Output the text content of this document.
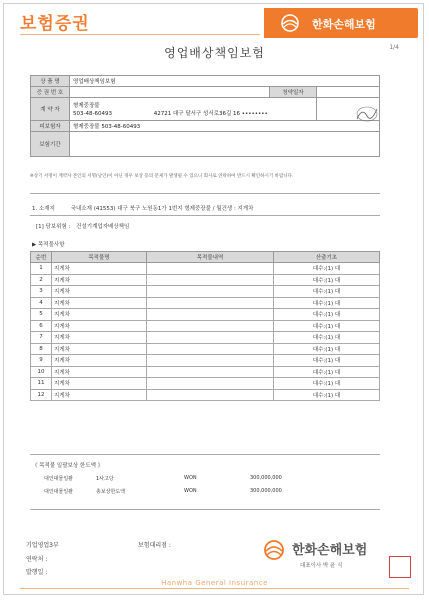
보험증권	한화손해보험
영업배상책임보험	1/4
상 품 명	영업배상책임보험		
증 권 번 호		청약일자	
계 약 자	형제중장불
503-48-60493 42721 대구 달서구 성서로36길 16 ••••••••		

피보험자	형제중장불 503-48-60493		
보험기간			
※상기 서명이 계약자 본인의 서명(날인)이 아닌 경우 보상 등의 문제가 발생될 수 있으니 회사로 연락하여 반드시 확인하시기 바랍니다.
1. 소재지	국내소재 (41553) 대구 북구 노원동1가 1번지 형제중장불 / 월건생 : 지게차
[1] 담보위험 : 건설기계업자배상책임
▶ 목적물사항
순번	목적물명	목적물내역	산출기초
1	지게차		대수:(1) 대
2	지게차		대수:(1) 대
3	지게차		대수:(1) 대
4	지게차		대수:(1) 대
5	지게차		대수:(1) 대
6	지게차		대수:(1) 대
7	지게차		대수:(1) 대
8	지게차		대수:(1) 대
9	지게차		대수:(1) 대
10	지게차		대수:(1) 대
11	지게차		대수:(1) 대
12	지게차		대수:(1) 대
《 목적물 일괄보상 한도액 》
대인대물일괄	1사고당	WON	300,000,000
대인대물일괄	총보상한도액	WON	300,000,000
기업영업3부	보험대리점 :
연락처 :
발행일 :
한화손해보험
대표이사 박 윤 식
Hanwha General Insurance
